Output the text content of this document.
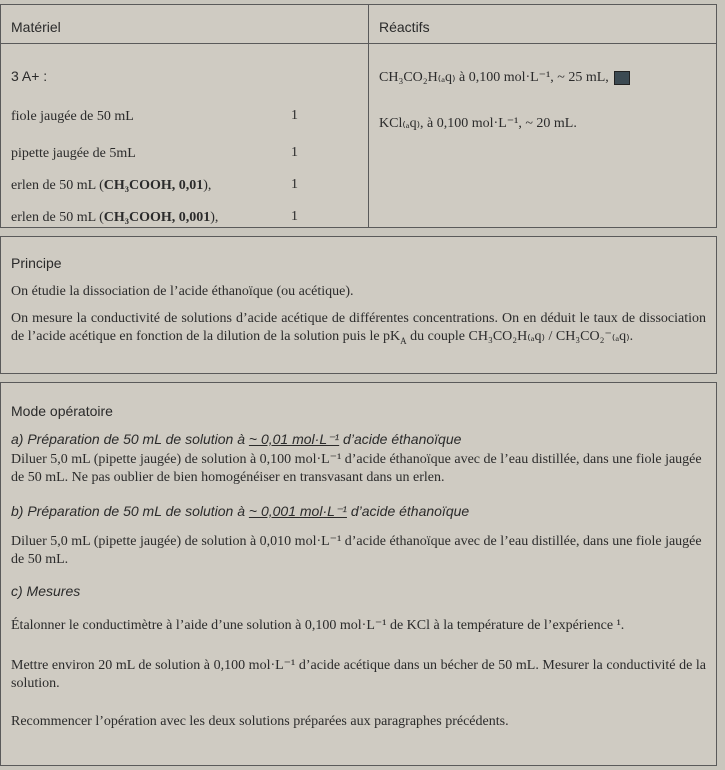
Matériel
3 A+ :
fiole jaugée de 50 mL	1
pipette jaugée de 5mL	1
erlen de 50 mL (CH₃COOH, 0,01),	1
erlen de 50 mL (CH₃COOH, 0,001),	1
Réactifs
CH₃CO₂H₍ₐq₎ à 0,100 mol·L⁻¹, ~ 25 mL,
KCl₍ₐq₎, à 0,100 mol·L⁻¹, ~ 20 mL.
Principe
On étudie la dissociation de l’acide éthanoïque (ou acétique).
On mesure la conductivité de solutions d’acide acétique de différentes concentrations. On en déduit le taux de dissociation de l’acide acétique en fonction de la dilution de la solution puis le $pK_A$ du couple CH₃CO₂H₍ₐq₎ / CH₃CO₂⁻₍ₐq₎.
Mode opératoire
a) Préparation de 50 mL de solution à ~ 0,01 mol·L⁻¹ d’acide éthanoïque
Diluer 5,0 mL (pipette jaugée) de solution à 0,100 mol·L⁻¹ d’acide éthanoïque avec de l’eau distillée, dans une fiole jaugée de 50 mL. Ne pas oublier de bien homogénéiser en transvasant dans un erlen.
b) Préparation de 50 mL de solution à ~ 0,001 mol·L⁻¹ d’acide éthanoïque
Diluer 5,0 mL (pipette jaugée) de solution à 0,010 mol·L⁻¹ d’acide éthanoïque avec de l’eau distillée, dans une fiole jaugée de 50 mL.
c) Mesures
Étalonner le conductimètre à l’aide d’une solution à 0,100 mol·L⁻¹ de KCl à la température de l’expérience ¹.
Mettre environ 20 mL de solution à 0,100 mol·L⁻¹ d’acide acétique dans un bécher de 50 mL. Mesurer la conductivité de la solution.
Recommencer l’opération avec les deux solutions préparées aux paragraphes précédents.
